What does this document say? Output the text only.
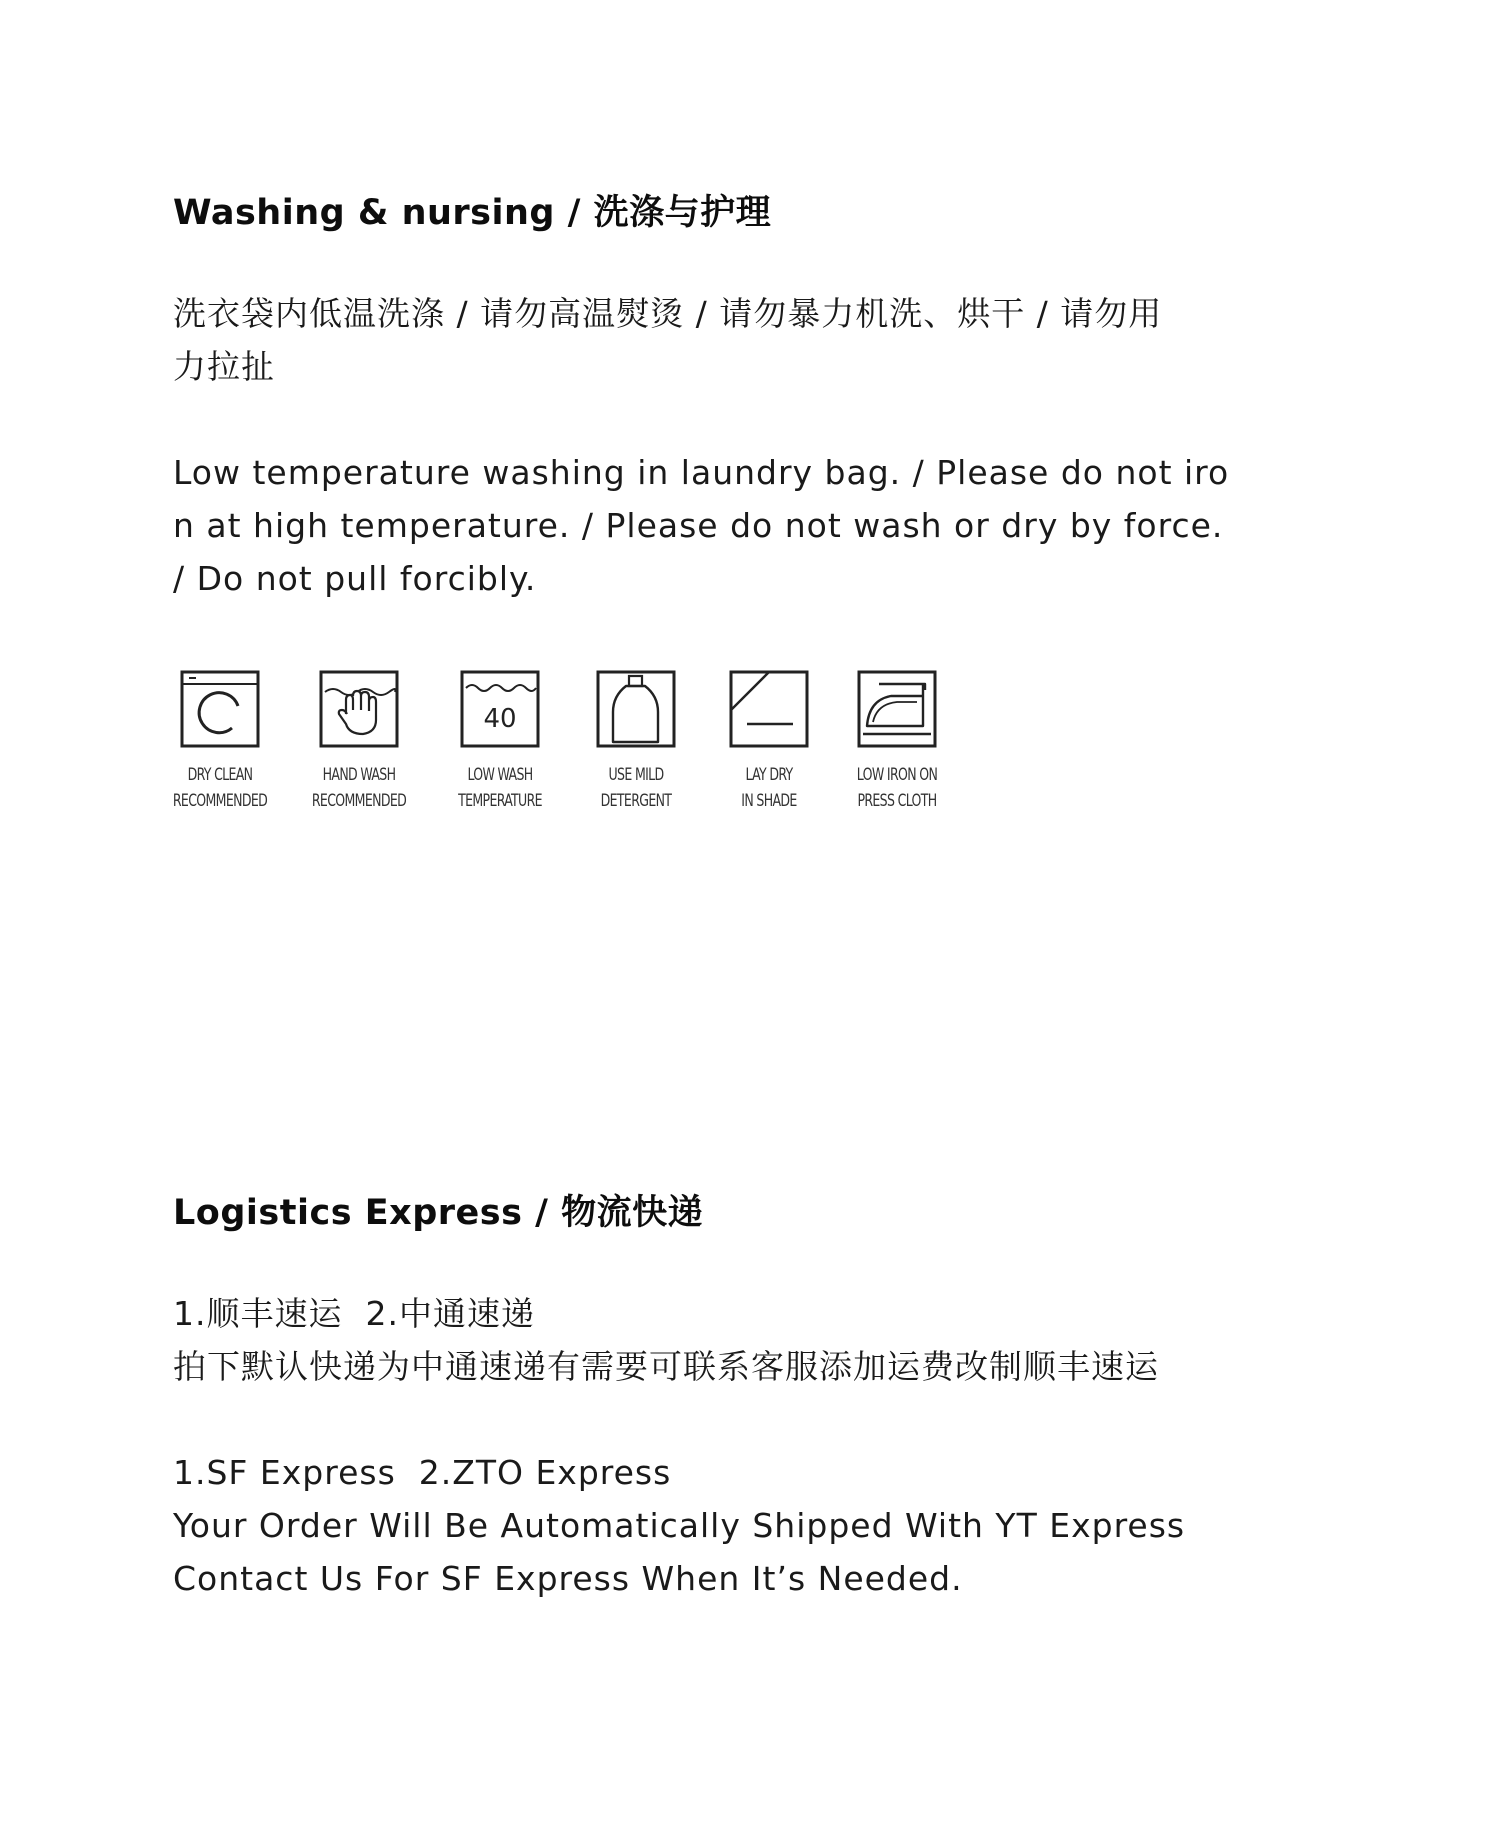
Washing & nursing / 洗涤与护理
洗衣袋内低温洗涤 / 请勿高温熨烫 / 请勿暴力机洗、烘干 / 请勿用
力拉扯
Low temperature washing in laundry bag. / Please do not iro
n at high temperature. / Please do not wash or dry by force.
/ Do not pull forcibly.
DRY CLEAN
RECOMMENDED
HAND WASH
RECOMMENDED
40
LOW WASH
TEMPERATURE
USE MILD
DETERGENT
LAY DRY
IN SHADE
LOW IRON ON
PRESS CLOTH
Logistics Express / 物流快递
1.顺丰速运  2.中通速递
拍下默认快递为中通速递有需要可联系客服添加运费改制顺丰速运
1.SF Express  2.ZTO Express
Your Order Will Be Automatically Shipped With YT Express
Contact Us For SF Express When It’s Needed.
